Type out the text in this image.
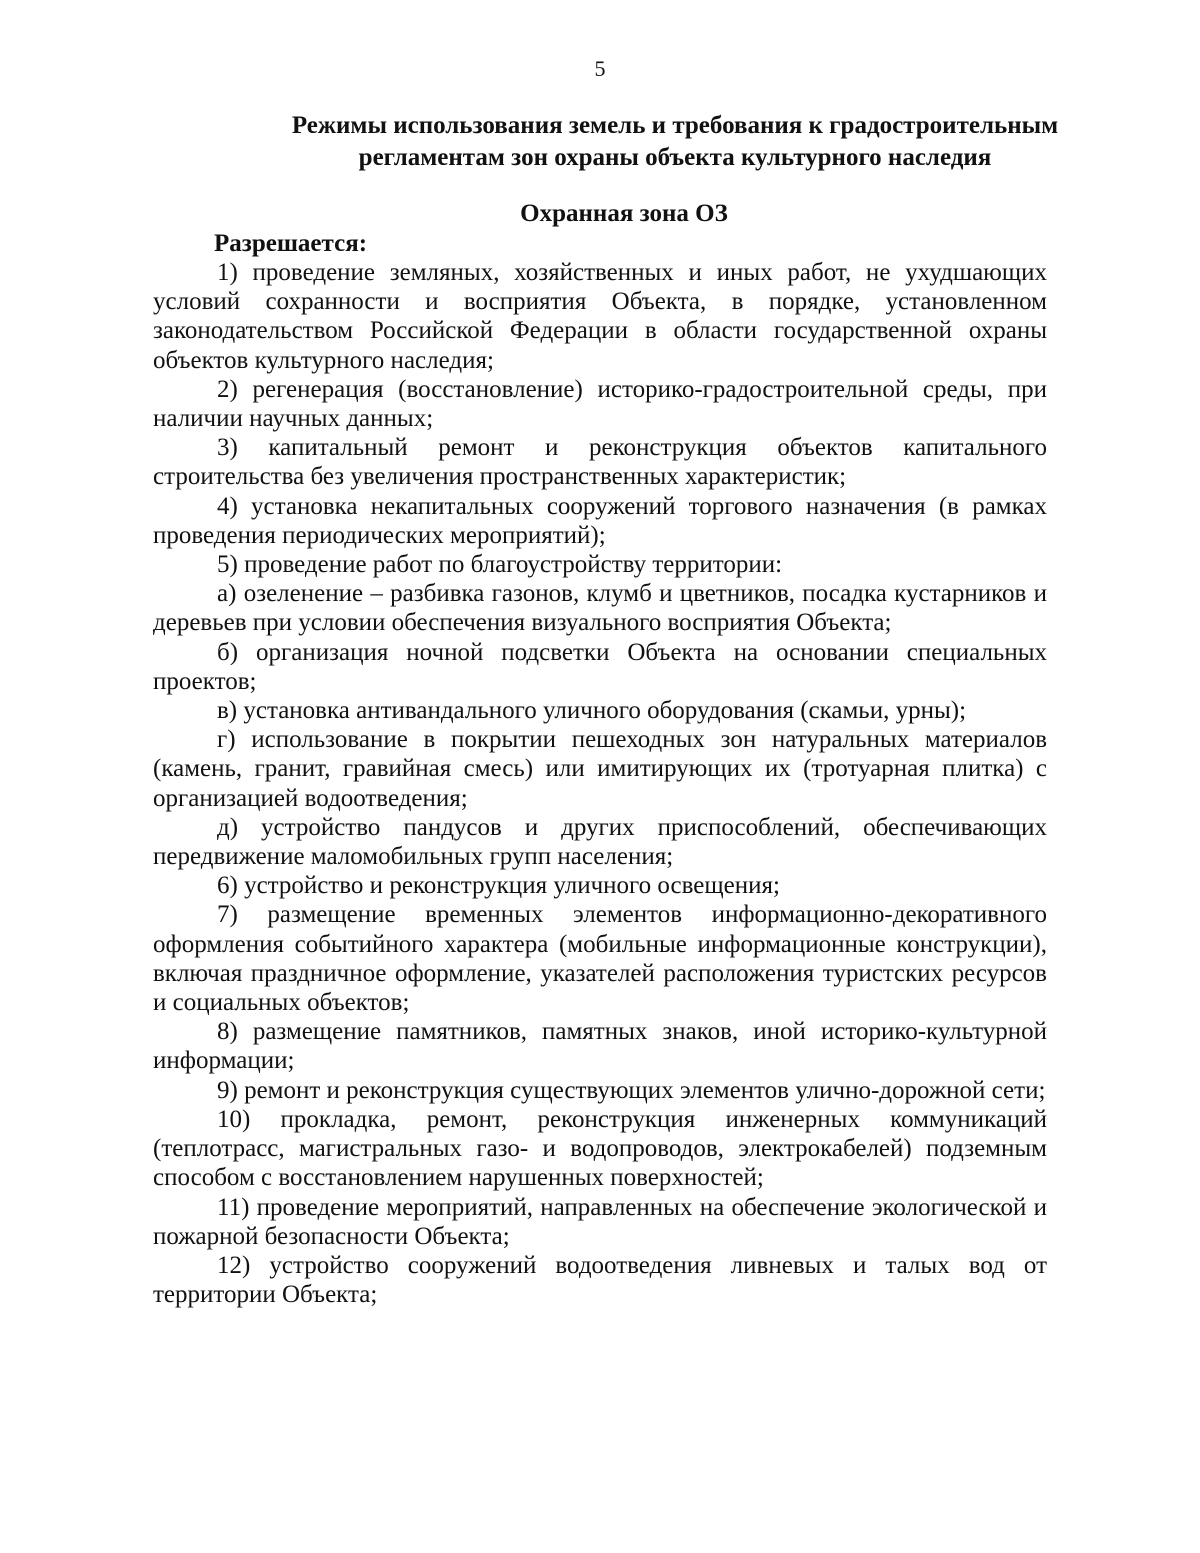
5
Режимы использования земель и требования к градостроительным
регламентам зон охраны объекта культурного наследия
Охранная зона ОЗ

Разрешается:

1) проведение земляных, хозяйственных и иных работ, не ухудшающих условий сохранности и восприятия Объекта, в порядке, установленном законодательством Российской Федерации в области государственной охраны объектов культурного наследия;

2) регенерация (восстановление) историко-градостроительной среды, при наличии научных данных;

3) капитальный ремонт и реконструкция объектов капитального строительства без увеличения пространственных характеристик;

4) установка некапитальных сооружений торгового назначения (в рамках проведения периодических мероприятий);

5) проведение работ по благоустройству территории:

а) озеленение – разбивка газонов, клумб и цветников, посадка кустарников и деревьев при условии обеспечения визуального восприятия Объекта;

б) организация ночной подсветки Объекта на основании специальных проектов;

в) установка антивандального уличного оборудования (скамьи, урны);

г) использование в покрытии пешеходных зон натуральных материалов (камень, гранит, гравийная смесь) или имитирующих их (тротуарная плитка) с организацией водоотведения;

д) устройство пандусов и других приспособлений, обеспечивающих передвижение маломобильных групп населения;

6) устройство и реконструкция уличного освещения;

7) размещение временных элементов информационно-декоративного оформления событийного характера (мобильные информационные конструкции), включая праздничное оформление, указателей расположения туристских ресурсов и социальных объектов;

8) размещение памятников, памятных знаков, иной историко-культурной информации;

9) ремонт и реконструкция существующих элементов улично-дорожной сети;

10) прокладка, ремонт, реконструкция инженерных коммуникаций (теплотрасс, магистральных газо- и водопроводов, электрокабелей) подземным способом с восстановлением нарушенных поверхностей;

11) проведение мероприятий, направленных на обеспечение экологической и пожарной безопасности Объекта;

12) устройство сооружений водоотведения ливневых и талых вод от территории Объекта;
